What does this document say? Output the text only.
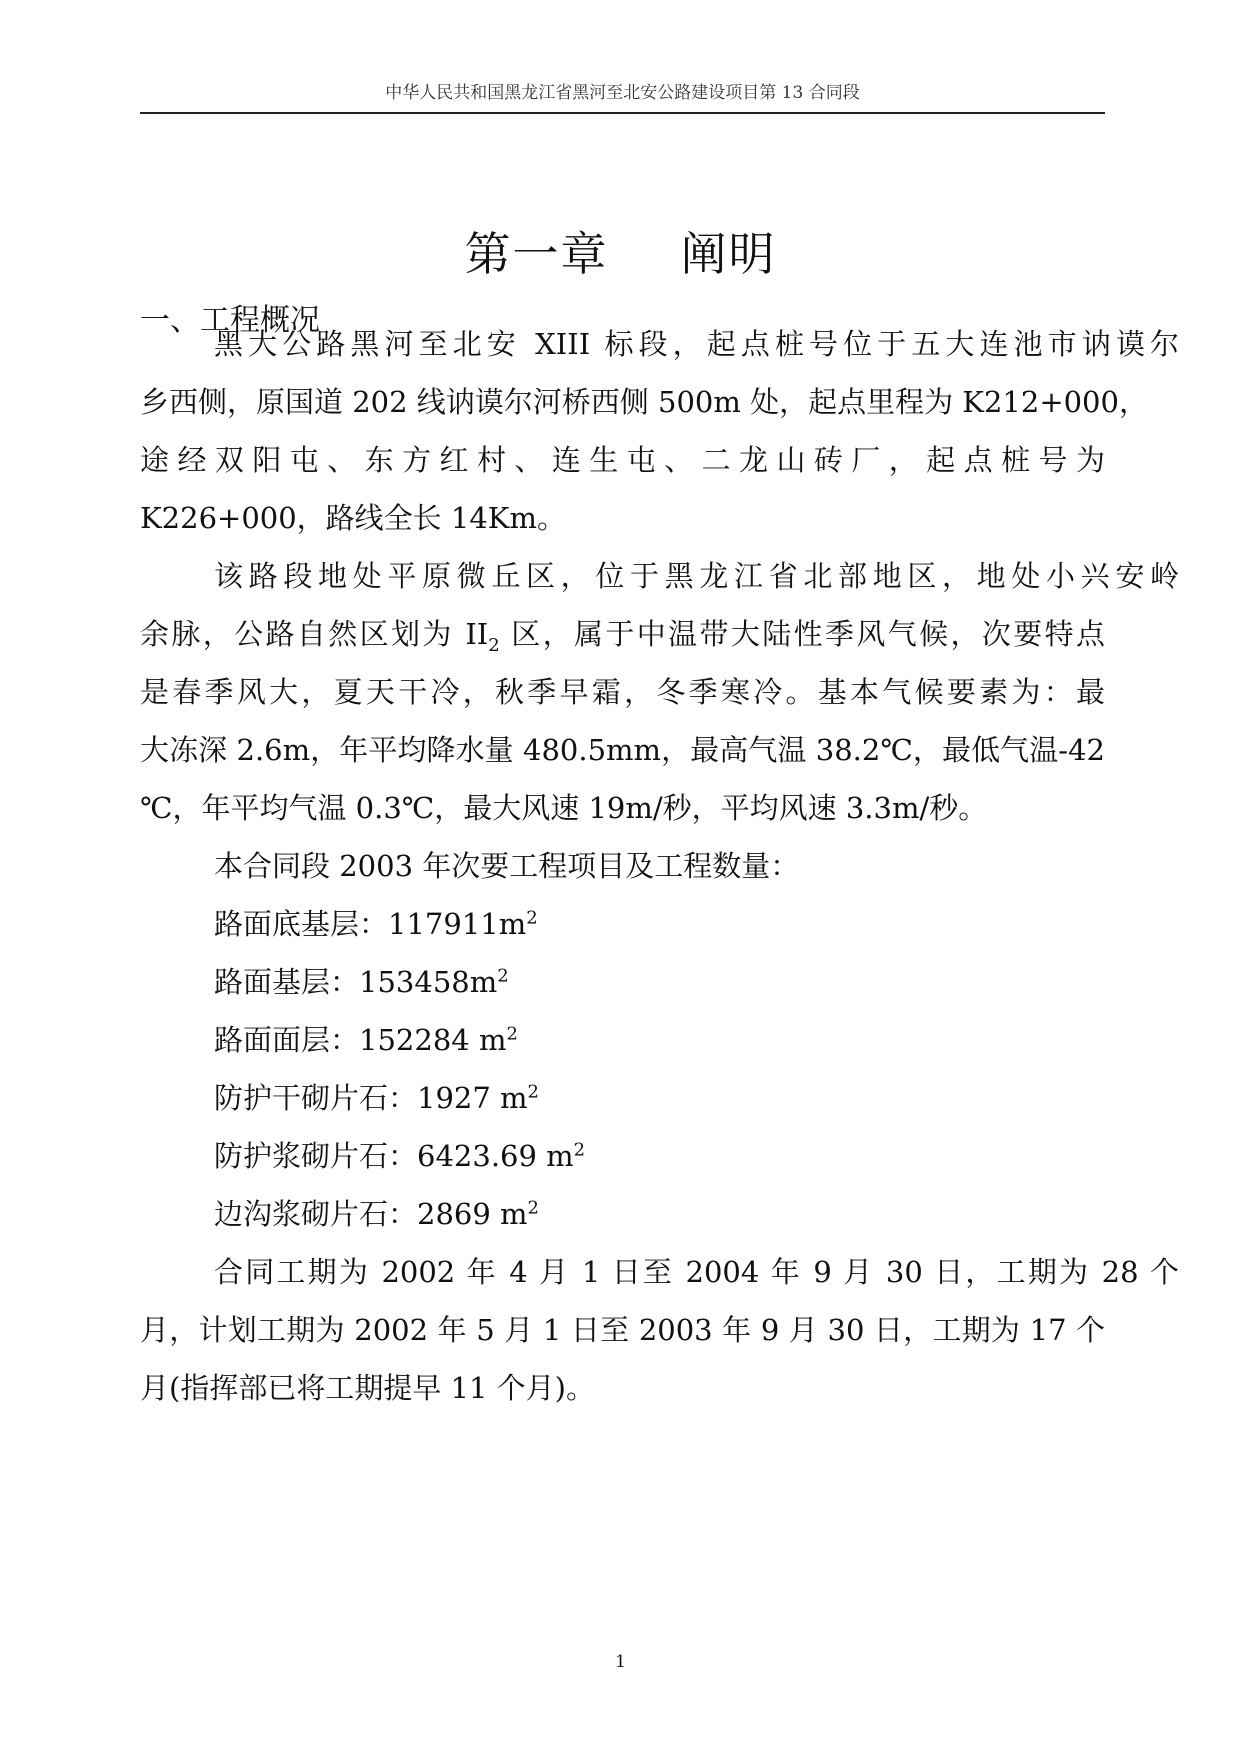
中华人民共和国黑龙江省黑河至北安公路建设项目第 13 合同段
第一章 阐明
一、工程概况
黑大公路黑河至北安 XIII 标段，起点桩号位于五大连池市讷谟尔
乡西侧，原国道 202 线讷谟尔河桥西侧 500m 处，起点里程为 K212+000，
途经双阳屯、东方红村、连生屯、二龙山砖厂，起点桩号为
K226+000，路线全长 14Km。
该路段地处平原微丘区，位于黑龙江省北部地区，地处小兴安岭
余脉，公路自然区划为 $II_2$ 区，属于中温带大陆性季风气候，次要特点
是春季风大，夏天干冷，秋季早霜，冬季寒冷。基本气候要素为：最
大冻深 2.6m，年平均降水量 480.5mm，最高气温 38.2℃，最低气温-42
℃，年平均气温 0.3℃，最大风速 19m/秒，平均风速 3.3m/秒。
本合同段 2003 年次要工程项目及工程数量：
路面底基层：$117911m^2$
路面基层：$153458m^2$
路面面层：152284 $m^2$
防护干砌片石：1927 $m^2$
防护浆砌片石：6423.69 $m^2$
边沟浆砌片石：2869 $m^2$
合同工期为 2002 年 4 月 1 日至 2004 年 9 月 30 日，工期为 28 个
月，计划工期为 2002 年 5 月 1 日至 2003 年 9 月 30 日，工期为 17 个
月(指挥部已将工期提早 11 个月)。
1
